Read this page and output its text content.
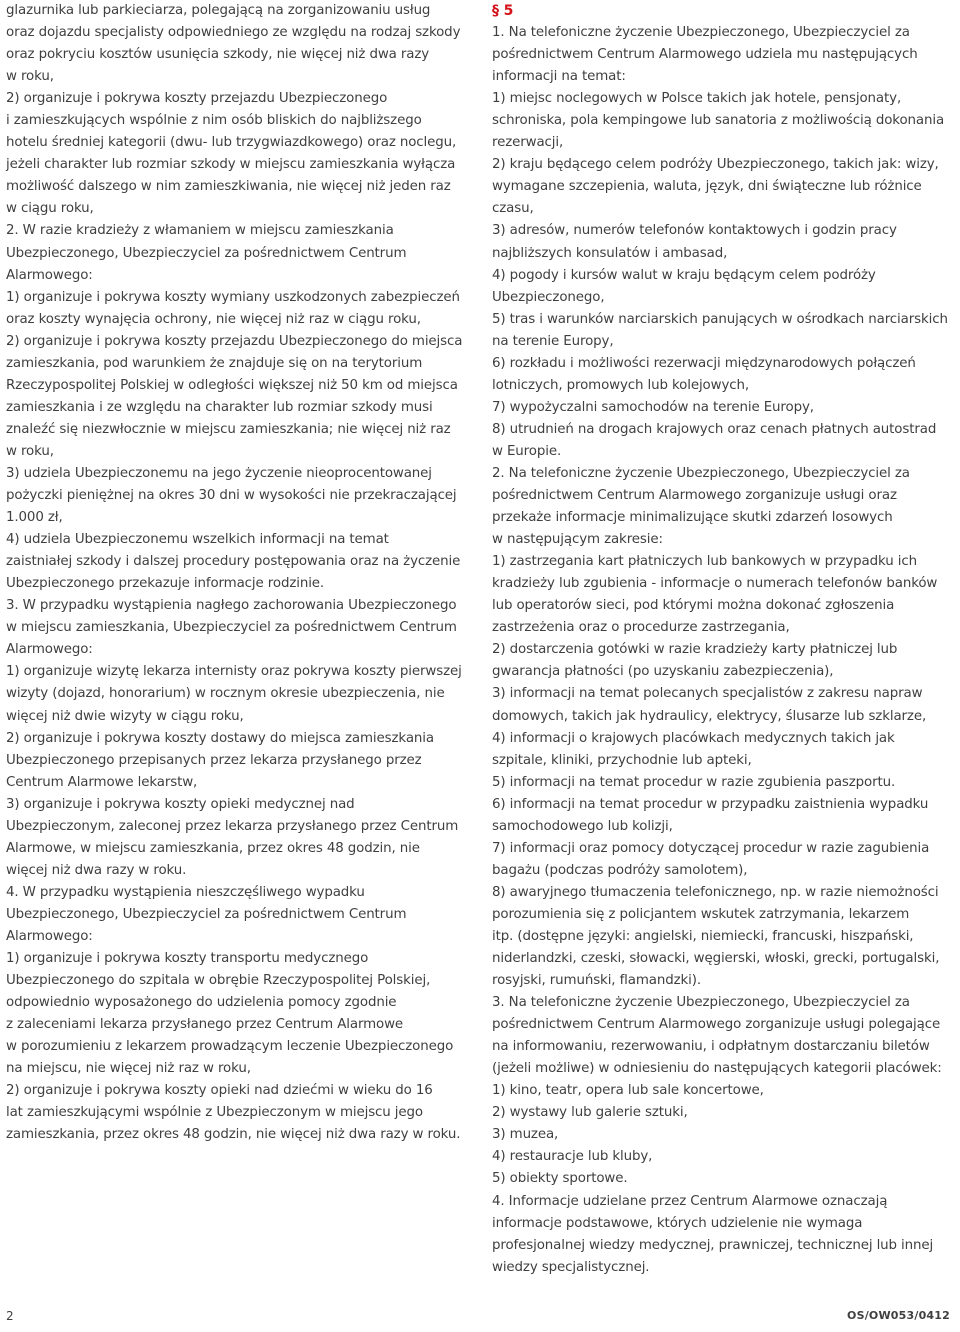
glazurnika lub parkieciarza, polegającą na zorganizowaniu usług
oraz dojazdu specjalisty odpowiedniego ze względu na rodzaj szkody
oraz pokryciu kosztów usunięcia szkody, nie więcej niż dwa razy
w roku,
2) organizuje i pokrywa koszty przejazdu Ubezpieczonego
i zamieszkujących wspólnie z nim osób bliskich do najbliższego
hotelu średniej kategorii (dwu- lub trzygwiazdkowego) oraz noclegu,
jeżeli charakter lub rozmiar szkody w miejscu zamieszkania wyłącza
możliwość dalszego w nim zamieszkiwania, nie więcej niż jeden raz
w ciągu roku,
2. W razie kradzieży z włamaniem w miejscu zamieszkania
Ubezpieczonego, Ubezpieczyciel za pośrednictwem Centrum
Alarmowego:
1) organizuje i pokrywa koszty wymiany uszkodzonych zabezpieczeń
oraz koszty wynajęcia ochrony, nie więcej niż raz w ciągu roku,
2) organizuje i pokrywa koszty przejazdu Ubezpieczonego do miejsca
zamieszkania, pod warunkiem że znajduje się on na terytorium
Rzeczypospolitej Polskiej w odległości większej niż 50 km od miejsca
zamieszkania i ze względu na charakter lub rozmiar szkody musi
znaleźć się niezwłocznie w miejscu zamieszkania; nie więcej niż raz
w roku,
3) udziela Ubezpieczonemu na jego życzenie nieoprocentowanej
pożyczki pieniężnej na okres 30 dni w wysokości nie przekraczającej
1.000 zł,
4) udziela Ubezpieczonemu wszelkich informacji na temat
zaistniałej szkody i dalszej procedury postępowania oraz na życzenie
Ubezpieczonego przekazuje informacje rodzinie.
3. W przypadku wystąpienia nagłego zachorowania Ubezpieczonego
w miejscu zamieszkania, Ubezpieczyciel za pośrednictwem Centrum
Alarmowego:
1) organizuje wizytę lekarza internisty oraz pokrywa koszty pierwszej
wizyty (dojazd, honorarium) w rocznym okresie ubezpieczenia, nie
więcej niż dwie wizyty w ciągu roku,
2) organizuje i pokrywa koszty dostawy do miejsca zamieszkania
Ubezpieczonego przepisanych przez lekarza przysłanego przez
Centrum Alarmowe lekarstw,
3) organizuje i pokrywa koszty opieki medycznej nad
Ubezpieczonym, zaleconej przez lekarza przysłanego przez Centrum
Alarmowe, w miejscu zamieszkania, przez okres 48 godzin, nie
więcej niż dwa razy w roku.
4. W przypadku wystąpienia nieszczęśliwego wypadku
Ubezpieczonego, Ubezpieczyciel za pośrednictwem Centrum
Alarmowego:
1) organizuje i pokrywa koszty transportu medycznego
Ubezpieczonego do szpitala w obrębie Rzeczypospolitej Polskiej,
odpowiednio wyposażonego do udzielenia pomocy zgodnie
z zaleceniami lekarza przysłanego przez Centrum Alarmowe
w porozumieniu z lekarzem prowadzącym leczenie Ubezpieczonego
na miejscu, nie więcej niż raz w roku,
2) organizuje i pokrywa koszty opieki nad dziećmi w wieku do 16
lat zamieszkującymi wspólnie z Ubezpieczonym w miejscu jego
zamieszkania, przez okres 48 godzin, nie więcej niż dwa razy w roku.
§ 5
1. Na telefoniczne życzenie Ubezpieczonego, Ubezpieczyciel za
pośrednictwem Centrum Alarmowego udziela mu następujących
informacji na temat:
1) miejsc noclegowych w Polsce takich jak hotele, pensjonaty,
schroniska, pola kempingowe lub sanatoria z możliwością dokonania
rezerwacji,
2) kraju będącego celem podróży Ubezpieczonego, takich jak: wizy,
wymagane szczepienia, waluta, język, dni świąteczne lub różnice
czasu,
3) adresów, numerów telefonów kontaktowych i godzin pracy
najbliższych konsulatów i ambasad,
4) pogody i kursów walut w kraju będącym celem podróży
Ubezpieczonego,
5) tras i warunków narciarskich panujących w ośrodkach narciarskich
na terenie Europy,
6) rozkładu i możliwości rezerwacji międzynarodowych połączeń
lotniczych, promowych lub kolejowych,
7) wypożyczalni samochodów na terenie Europy,
8) utrudnień na drogach krajowych oraz cenach płatnych autostrad
w Europie.
2. Na telefoniczne życzenie Ubezpieczonego, Ubezpieczyciel za
pośrednictwem Centrum Alarmowego zorganizuje usługi oraz
przekaże informacje minimalizujące skutki zdarzeń losowych
w następującym zakresie:
1) zastrzegania kart płatniczych lub bankowych w przypadku ich
kradzieży lub zgubienia - informacje o numerach telefonów banków
lub operatorów sieci, pod którymi można dokonać zgłoszenia
zastrzeżenia oraz o procedurze zastrzegania,
2) dostarczenia gotówki w razie kradzieży karty płatniczej lub
gwarancja płatności (po uzyskaniu zabezpieczenia),
3) informacji na temat polecanych specjalistów z zakresu napraw
domowych, takich jak hydraulicy, elektrycy, ślusarze lub szklarze,
4) informacji o krajowych placówkach medycznych takich jak
szpitale, kliniki, przychodnie lub apteki,
5) informacji na temat procedur w razie zgubienia paszportu.
6) informacji na temat procedur w przypadku zaistnienia wypadku
samochodowego lub kolizji,
7) informacji oraz pomocy dotyczącej procedur w razie zagubienia
bagażu (podczas podróży samolotem),
8) awaryjnego tłumaczenia telefonicznego, np. w razie niemożności
porozumienia się z policjantem wskutek zatrzymania, lekarzem
itp. (dostępne języki: angielski, niemiecki, francuski, hiszpański,
niderlandzki, czeski, słowacki, węgierski, włoski, grecki, portugalski,
rosyjski, rumuński, flamandzki).
3. Na telefoniczne życzenie Ubezpieczonego, Ubezpieczyciel za
pośrednictwem Centrum Alarmowego zorganizuje usługi polegające
na informowaniu, rezerwowaniu, i odpłatnym dostarczaniu biletów
(jeżeli możliwe) w odniesieniu do następujących kategorii placówek:
1) kino, teatr, opera lub sale koncertowe,
2) wystawy lub galerie sztuki,
3) muzea,
4) restauracje lub kluby,
5) obiekty sportowe.
4. Informacje udzielane przez Centrum Alarmowe oznaczają
informacje podstawowe, których udzielenie nie wymaga
profesjonalnej wiedzy medycznej, prawniczej, technicznej lub innej
wiedzy specjalistycznej.
2	OS/OW053/0412
